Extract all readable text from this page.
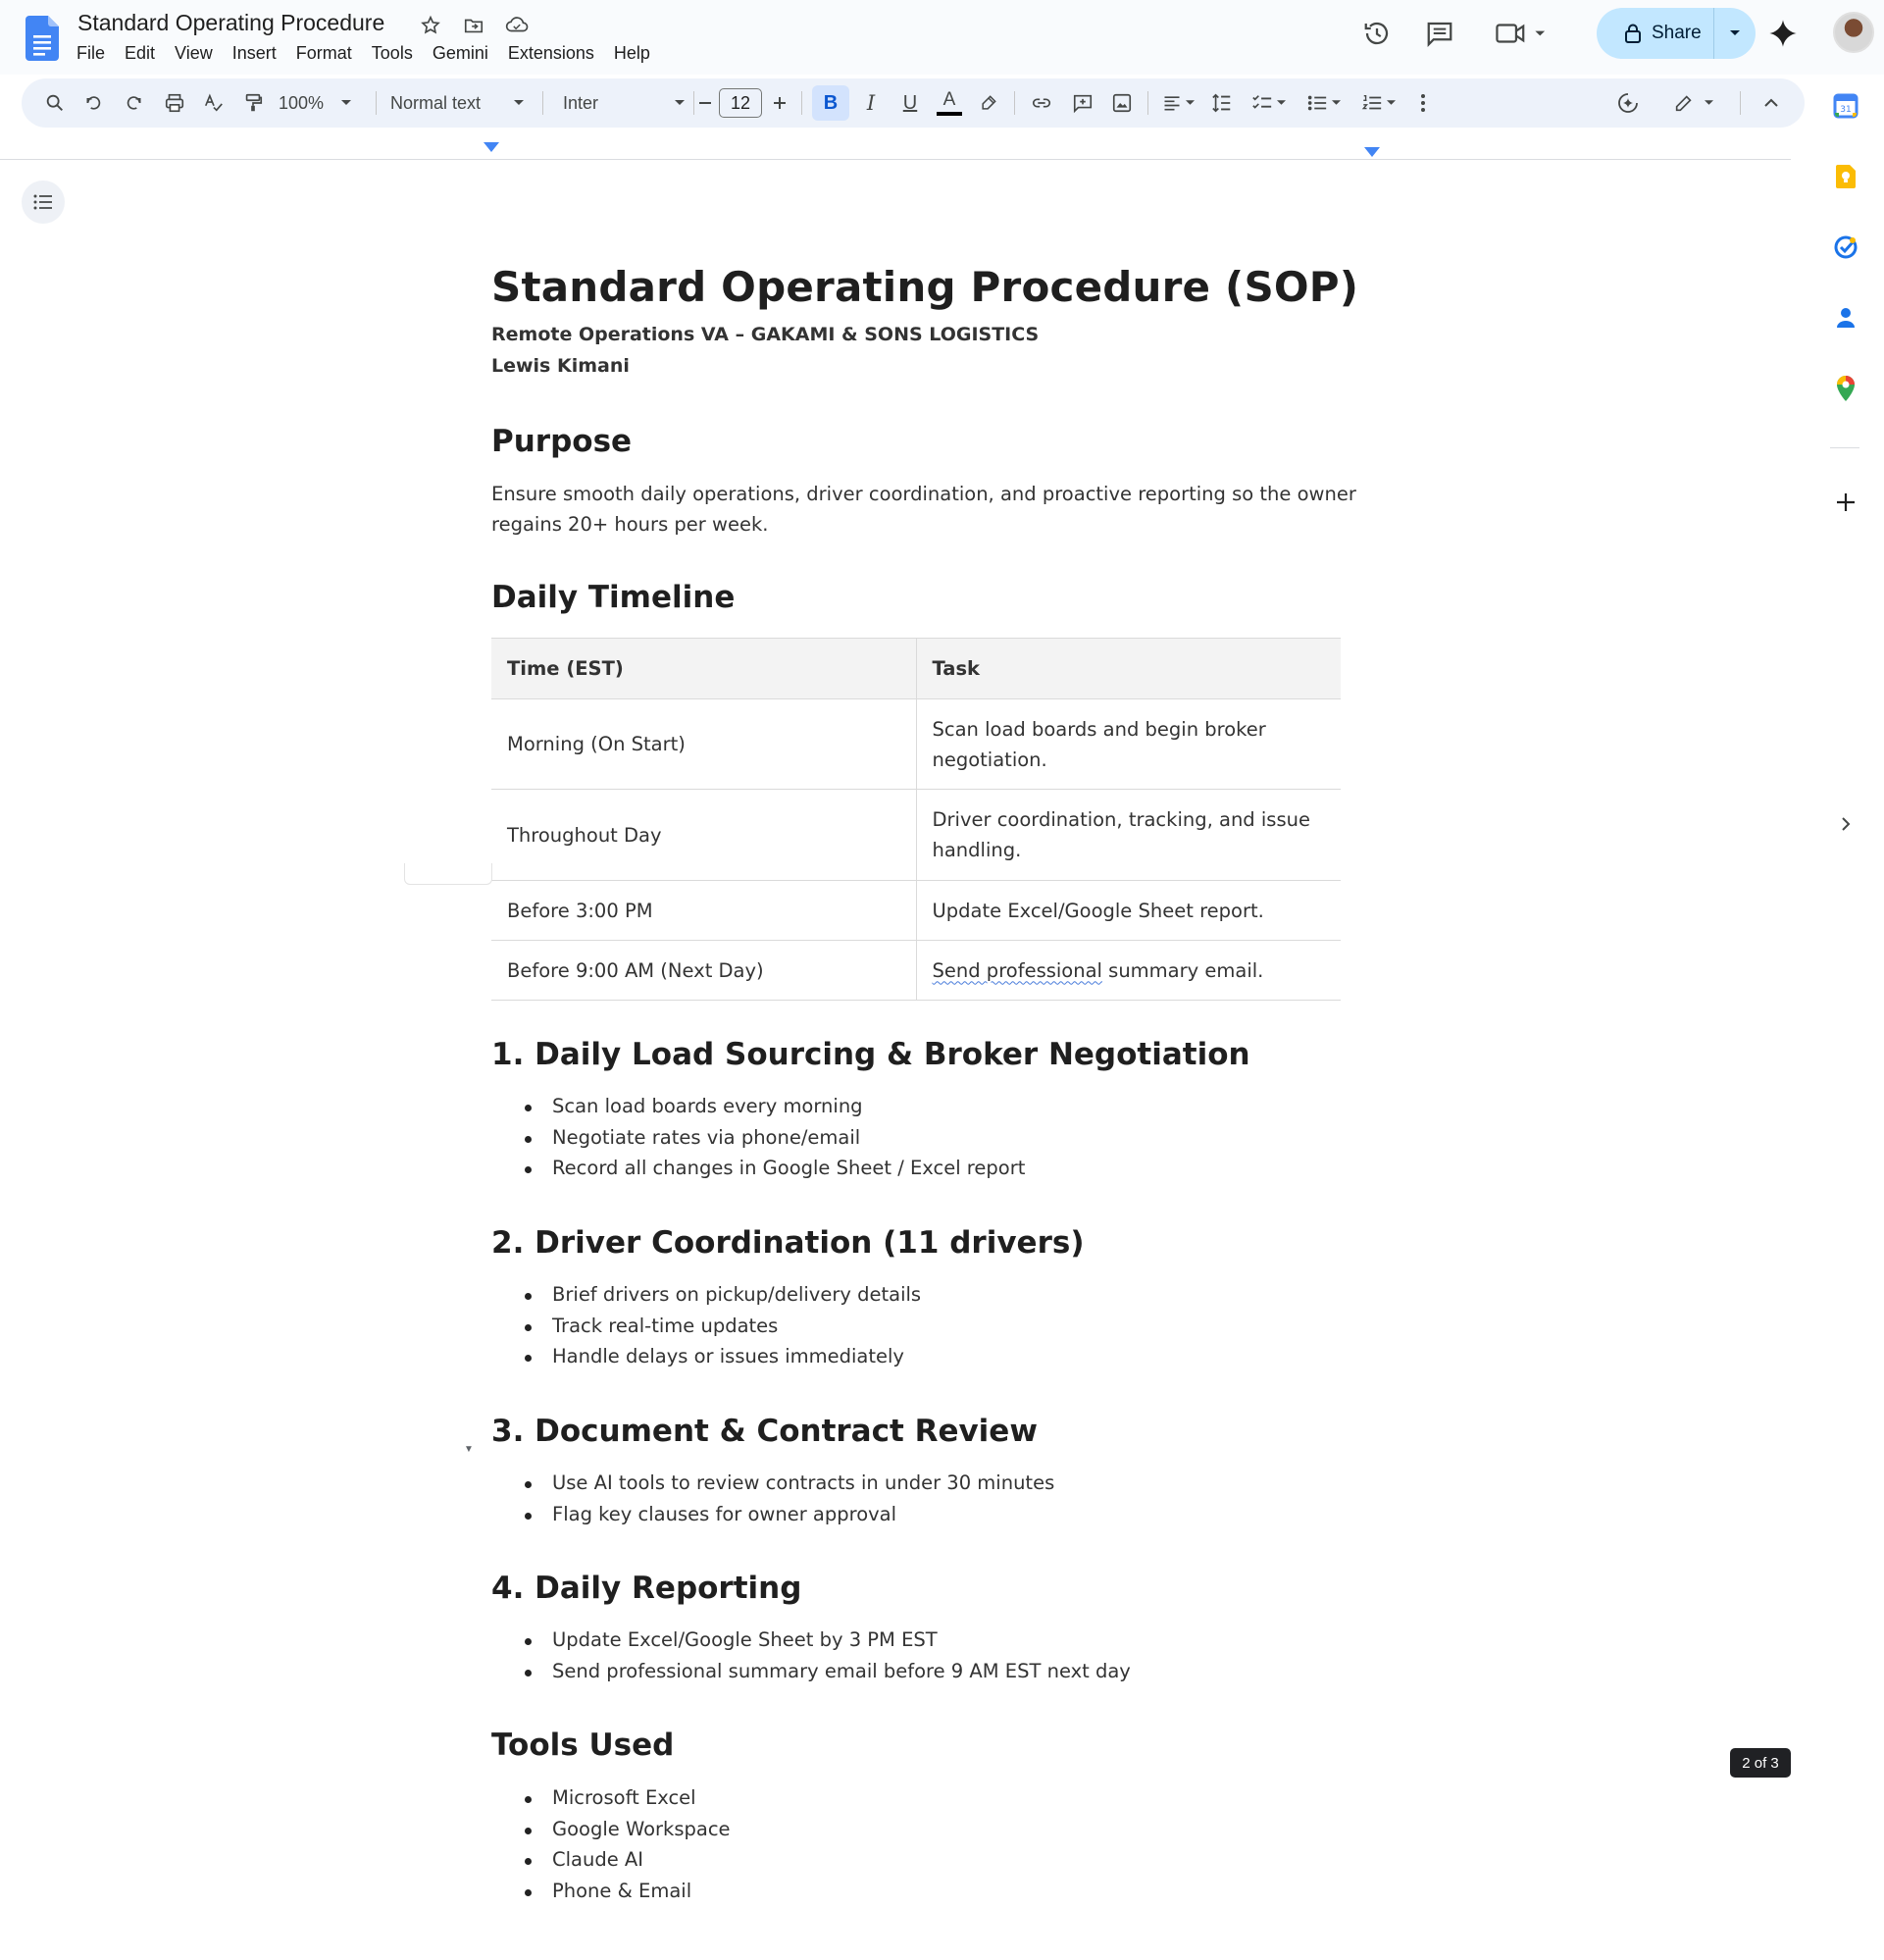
Standard Operating Procedure
File	Edit	View	Insert	Format	Tools	Gemini	Extensions	Help
Share
100%	Normal text	Inter	12	B	I	U	A	31
Standard Operating Procedure (SOP)
Remote Operations VA – GAKAMI & SONS LOGISTICS
Lewis Kimani
Purpose
Ensure smooth daily operations, driver coordination, and proactive reporting so the owner regains 20+ hours per week.
Daily Timeline
Time (EST)	Task
Morning (On Start)	Scan load boards and begin broker negotiation.
Throughout Day	Driver coordination, tracking, and issue handling.
Before 3:00 PM	Update Excel/Google Sheet report.
Before 9:00 AM (Next Day)	Send professional summary email.
1. Daily Load Sourcing & Broker Negotiation
Scan load boards every morning
Negotiate rates via phone/email
Record all changes in Google Sheet / Excel report
2. Driver Coordination (11 drivers)
Brief drivers on pickup/delivery details
Track real-time updates
Handle delays or issues immediately
3. Document & Contract Review
Use AI tools to review contracts in under 30 minutes
Flag key clauses for owner approval
4. Daily Reporting
Update Excel/Google Sheet by 3 PM EST
Send professional summary email before 9 AM EST next day
Tools Used
Microsoft Excel
Google Workspace
Claude AI
Phone & Email
▼
2 of 3
